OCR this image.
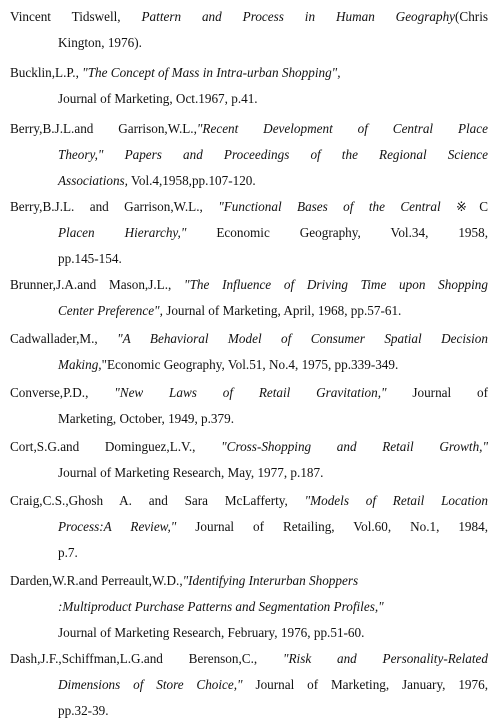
Vincent Tidswell, Pattern and Process in Human Geography(Chris
Kington, 1976).
Bucklin,L.P., "The Concept of Mass in Intra-urban Shopping",
Journal of Marketing, Oct.1967, p.41.
Berry,B.J.L.and Garrison,W.L.,"Recent Development of Central Place
Theory," Papers and Proceedings of the Regional Science
Associations, Vol.4,1958,pp.107-120.
Berry,B.J.L. and Garrison,W.L., "Functional Bases of the Central ※C
Placen Hierarchy," Economic Geography, Vol.34, 1958,
pp.145-154.
Brunner,J.A.and Mason,J.L., "The Influence of Driving Time upon Shopping
Center Preference", Journal of Marketing, April, 1968, pp.57-61.
Cadwallader,M., "A Behavioral Model of Consumer Spatial Decision
Making,"Economic Geography, Vol.51, No.4, 1975, pp.339-349.
Converse,P.D., "New Laws of Retail Gravitation," Journal of
Marketing, October, 1949, p.379.
Cort,S.G.and Dominguez,L.V., "Cross-Shopping and Retail Growth,"
Journal of Marketing Research, May, 1977, p.187.
Craig,C.S.,Ghosh A. and Sara McLafferty, "Models of Retail Location
Process:A Review," Journal of Retailing, Vol.60, No.1, 1984,
p.7.
Darden,W.R.and Perreault,W.D.,"Identifying Interurban Shoppers
:Multiproduct Purchase Patterns and Segmentation Profiles,"
Journal of Marketing Research, February, 1976, pp.51-60.
Dash,J.F.,Schiffman,L.G.and Berenson,C., "Risk and Personality-Related
Dimensions of Store Choice," Journal of Marketing, January, 1976,
pp.32-39.
